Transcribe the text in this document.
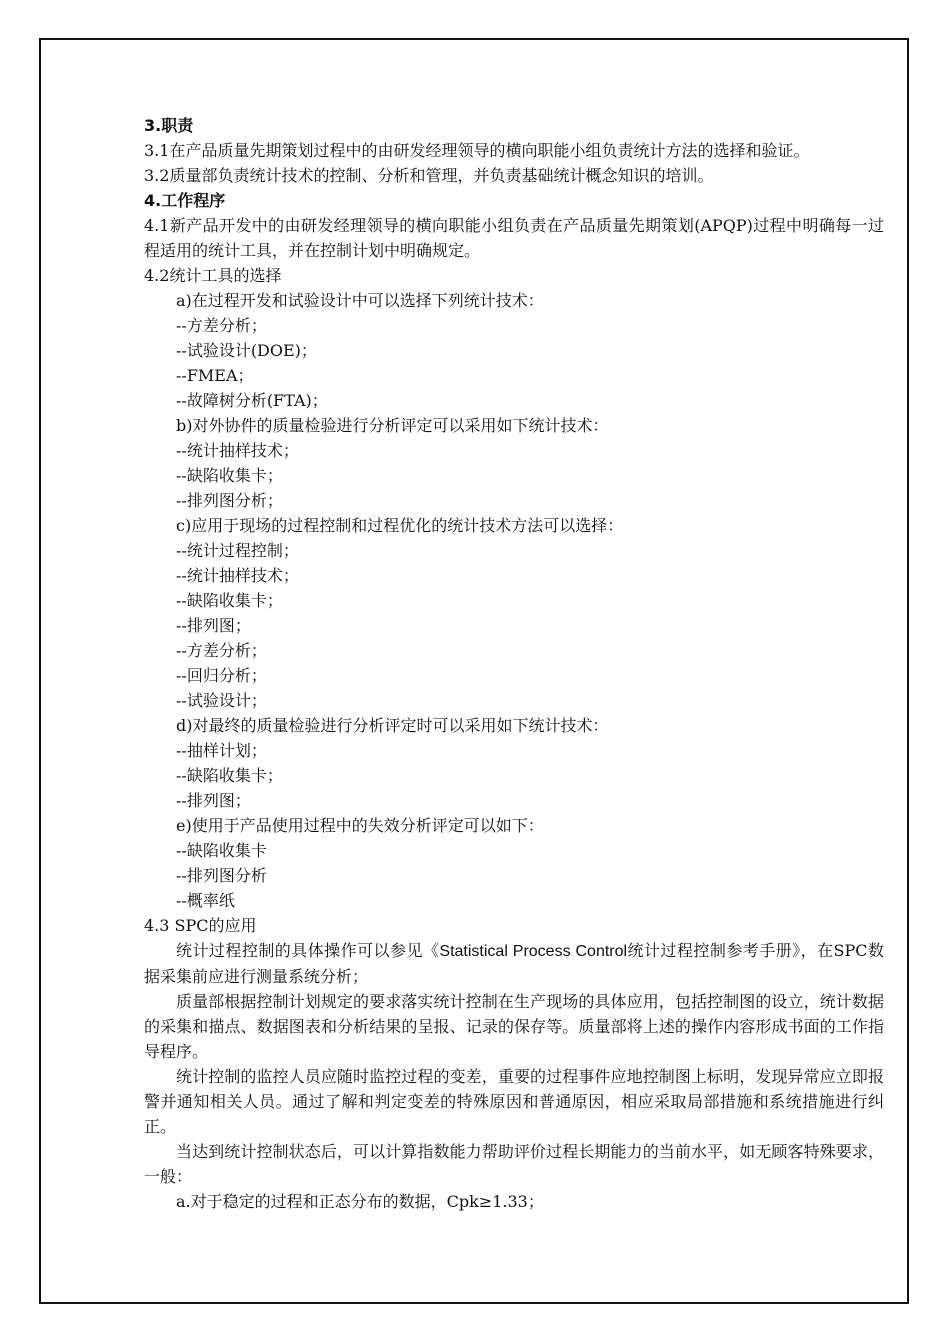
3.职责

3.1在产品质量先期策划过程中的由研发经理领导的横向职能小组负责统计方法的选择和验证。

3.2质量部负责统计技术的控制、分析和管理，并负责基础统计概念知识的培训。

4.工作程序

4.1新产品开发中的由研发经理领导的横向职能小组负责在产品质量先期策划(APQP)过程中明确每一过程适用的统计工具，并在控制计划中明确规定。

4.2统计工具的选择

a)在过程开发和试验设计中可以选择下列统计技术：

--方差分析；

--试验设计(DOE)；

--FMEA；

--故障树分析(FTA)；

b)对外协件的质量检验进行分析评定可以采用如下统计技术：

--统计抽样技术；

--缺陷收集卡；

--排列图分析；

c)应用于现场的过程控制和过程优化的统计技术方法可以选择：

--统计过程控制；

--统计抽样技术；

--缺陷收集卡；

--排列图；

--方差分析；

--回归分析；

--试验设计；

d)对最终的质量检验进行分析评定时可以采用如下统计技术：

--抽样计划；

--缺陷收集卡；

--排列图；

e)使用于产品使用过程中的失效分析评定可以如下：

--缺陷收集卡

--排列图分析

--概率纸

4.3 SPC的应用

统计过程控制的具体操作可以参见《Statistical Process Control统计过程控制参考手册》，在SPC数据采集前应进行测量系统分析；

质量部根据控制计划规定的要求落实统计控制在生产现场的具体应用，包括控制图的设立，统计数据的采集和描点、数据图表和分析结果的呈报、记录的保存等。质量部将上述的操作内容形成书面的工作指导程序。

统计控制的监控人员应随时监控过程的变差，重要的过程事件应地控制图上标明，发现异常应立即报警并通知相关人员。通过了解和判定变差的特殊原因和普通原因，相应采取局部措施和系统措施进行纠正。

当达到统计控制状态后，可以计算指数能力帮助评价过程长期能力的当前水平，如无顾客特殊要求，一般：

a.对于稳定的过程和正态分布的数据，Cpk≥1.33；
